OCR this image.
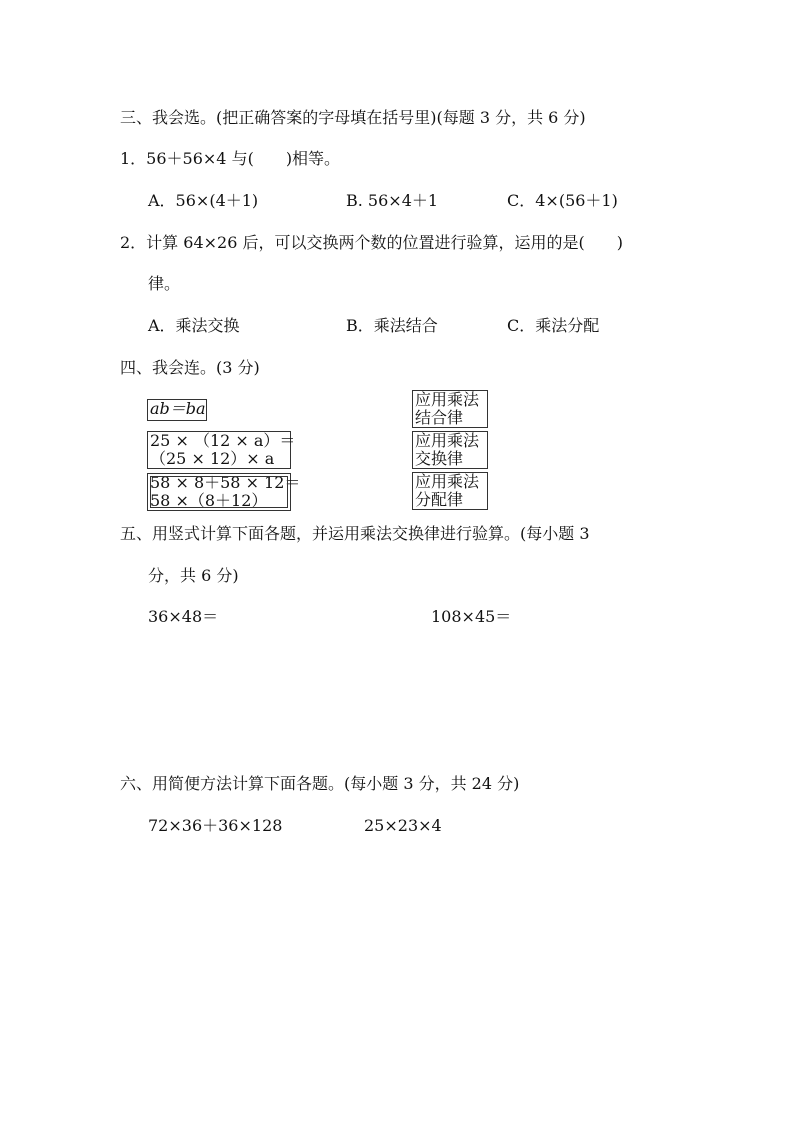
三、我会选。(把正确答案的字母填在括号里)(每题 3 分，共 6 分)
1．56＋56×4 与(　　)相等。
A．56×(4＋1)	B. 56×4＋1	C．4×(56＋1)
2．计算 64×26 后，可以交换两个数的位置进行验算，运用的是(　　)
律。
A．乘法交换	B．乘法结合	C．乘法分配
四、我会连。(3 分)
ab＝ba
25 × （12 × a）＝
（25 × 12）× a
58 × 8＋58 × 12＝
58 ×（8＋12）
应用乘法
结合律
应用乘法
交换律
应用乘法
分配律
五、用竖式计算下面各题，并运用乘法交换律进行验算。(每小题 3
分，共 6 分)
36×48＝	108×45＝
六、用简便方法计算下面各题。(每小题 3 分，共 24 分)
72×36＋36×128	25×23×4
